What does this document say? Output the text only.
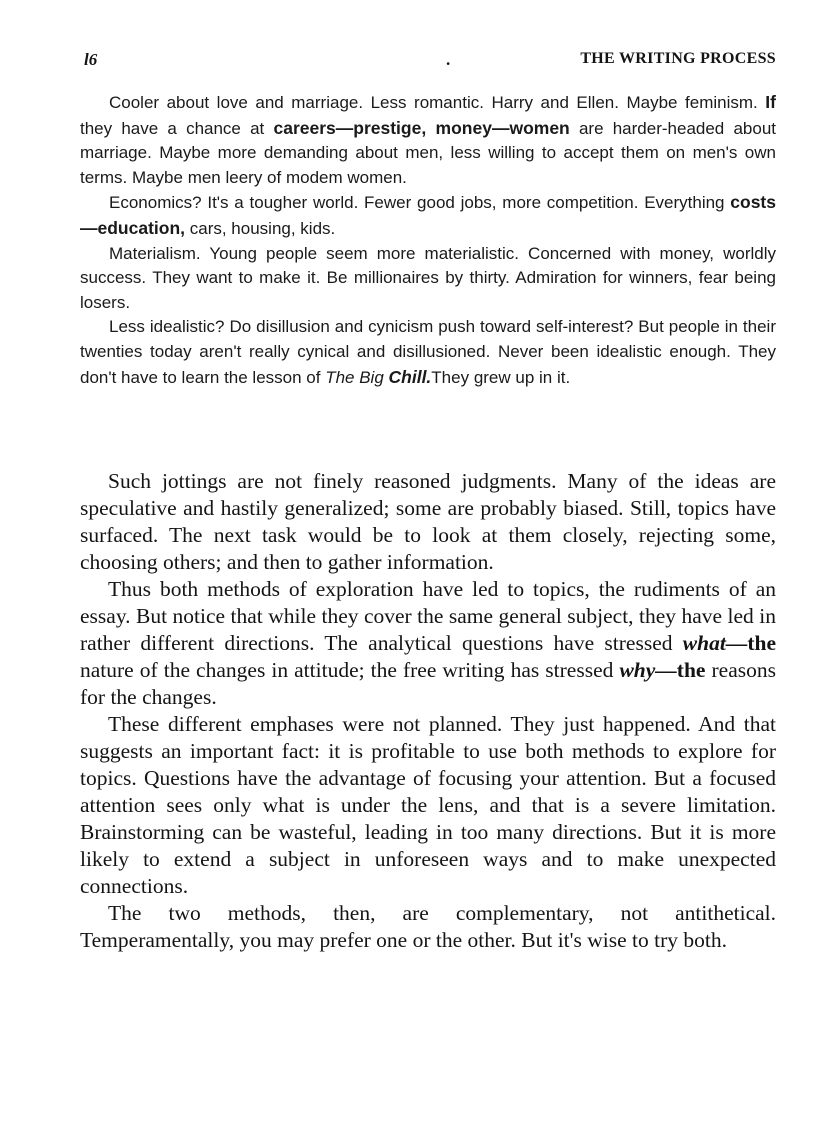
l6	.	THE WRITING PROCESS

Cooler about love and marriage. Less romantic. Harry and Ellen. Maybe feminism. If they have a chance at careers—prestige, money—women are harder-headed about marriage. Maybe more demanding about men, less willing to accept them on men's own terms. Maybe men leery of modem women.

Economics? It's a tougher world. Fewer good jobs, more competition. Everything costs—education, cars, housing, kids.

Materialism. Young people seem more materialistic. Concerned with money, worldly success. They want to make it. Be millionaires by thirty. Admiration for winners, fear being losers.

Less idealistic? Do disillusion and cynicism push toward self-interest? But people in their twenties today aren't really cynical and disillusioned. Never been idealistic enough. They don't have to learn the lesson of The Big Chill.They grew up in it.

Such jottings are not finely reasoned judgments. Many of the ideas are speculative and hastily generalized; some are probably biased. Still, topics have surfaced. The next task would be to look at them closely, rejecting some, choosing others; and then to gather information.

Thus both methods of exploration have led to topics, the rudiments of an essay. But notice that while they cover the same general subject, they have led in rather different directions. The analytical questions have stressed what—the nature of the changes in attitude; the free writing has stressed why—the reasons for the changes.

These different emphases were not planned. They just happened. And that suggests an important fact: it is profitable to use both methods to explore for topics. Questions have the advantage of focusing your attention. But a focused attention sees only what is under the lens, and that is a severe limitation. Brainstorming can be wasteful, leading in too many directions. But it is more likely to extend a subject in unforeseen ways and to make unexpected connections.

The two methods, then, are complementary, not antithetical. Temperamentally, you may prefer one or the other. But it's wise to try both.
